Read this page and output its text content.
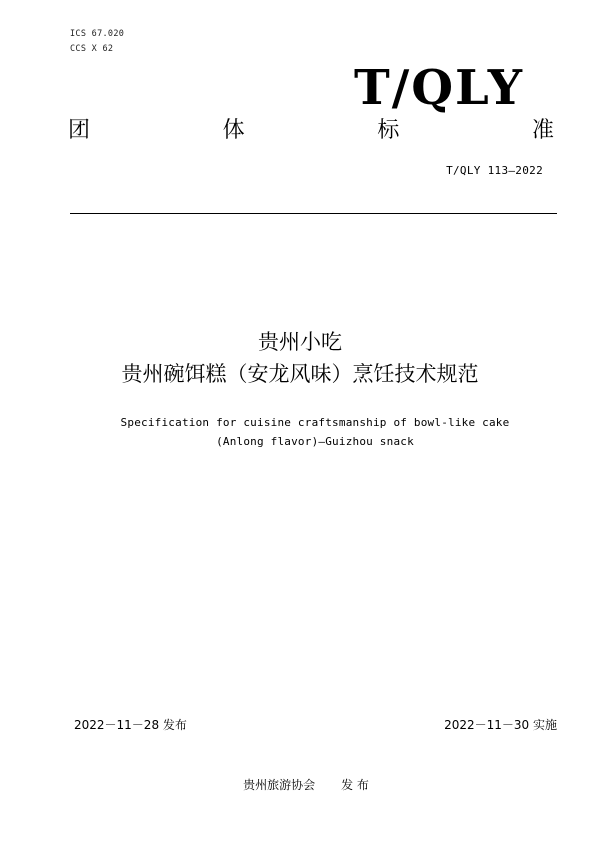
ICS 67.020
CCS X 62
T/QLY
团	体	标	准
T/QLY 113—2022
贵州小吃
贵州碗饵糕（安龙风味）烹饪技术规范
Specification for cuisine craftsmanship of bowl-like cake
(Anlong flavor)—Guizhou snack
2022－11－28 发布	2022－11－30 实施
贵州旅游协会 发 布
